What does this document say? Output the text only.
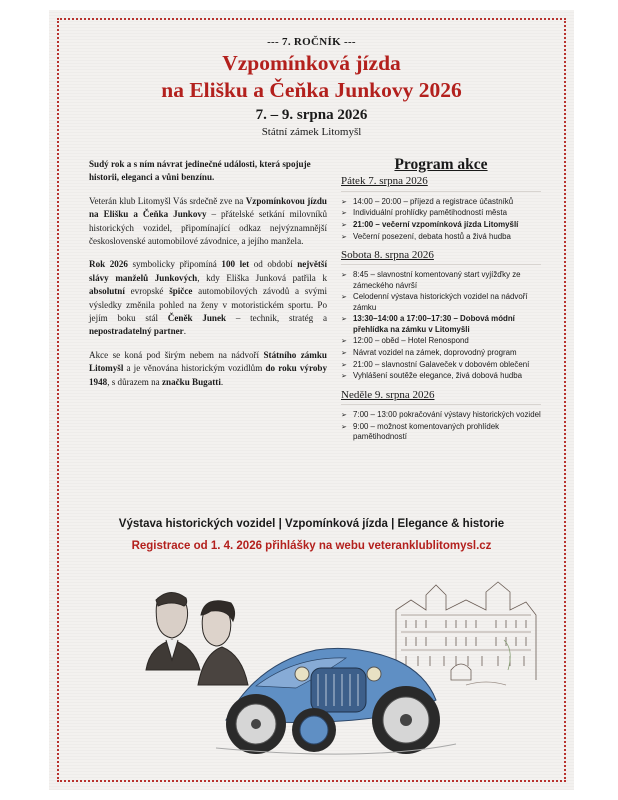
--- 7. ROČNÍK ---
Vzpomínková jízda
na Elišku a Čeňka Junkovy 2026
7. – 9. srpna 2026
Státní zámek Litomyšl

Sudý rok a s ním návrat jedinečné události, která spojuje historii, eleganci a vůni benzínu.

Veterán klub Litomyšl Vás srdečně zve na Vzpomínkovou jízdu na Elišku a Čeňka Junkovy – přátelské setkání milovníků historických vozidel, připomínající odkaz nejvýznamnější československé automobilové závodnice, a jejího manžela.

Rok 2026 symbolicky připomíná 100 let od období největší slávy manželů Junkových, kdy Eliška Junková patřila k absolutní evropské špičce automobilových závodů a svými výsledky změnila pohled na ženy v motoristickém sportu. Po jejím boku stál Čeněk Junek – technik, stratég a nepostradatelný partner.

Akce se koná pod širým nebem na nádvoří Státního zámku Litomyšl a je věnována historickým vozidlům do roku výroby 1948, s důrazem na značku Bugatti.

Program akce
Pátek 7. srpna 2026
➢ 14:00 – 20:00 – příjezd a registrace účastníků
➢ Individuální prohlídky pamětihodností města
➢ 21:00 – večerní vzpomínková jízda Litomyšlí
➢ Večerní posezení, debata hostů a živá hudba
Sobota 8. srpna 2026
➢ 8:45 – slavnostní komentovaný start vyjížďky ze zámeckého návrší
➢ Celodenní výstava historických vozidel na nádvoří zámku
➢ 13:30–14:00 a 17:00–17:30 – Dobová módní přehlídka na zámku v Litomyšli
➢ 12:00 – oběd – Hotel Renospond
➢ Návrat vozidel na zámek, doprovodný program
➢ 21:00 – slavnostní Galaveček v dobovém oblečení
➢ Vyhlášení soutěže elegance, živá dobová hudba
Neděle 9. srpna 2026
➢ 7:00 – 13:00 pokračování výstavy historických vozidel
➢ 9:00 – možnost komentovaných prohlídek pamětihodností
Výstava historických vozidel | Vzpomínková jízda | Elegance & historie
Registrace od 1. 4. 2026 přihlášky na webu veteranklublitomysl.cz
